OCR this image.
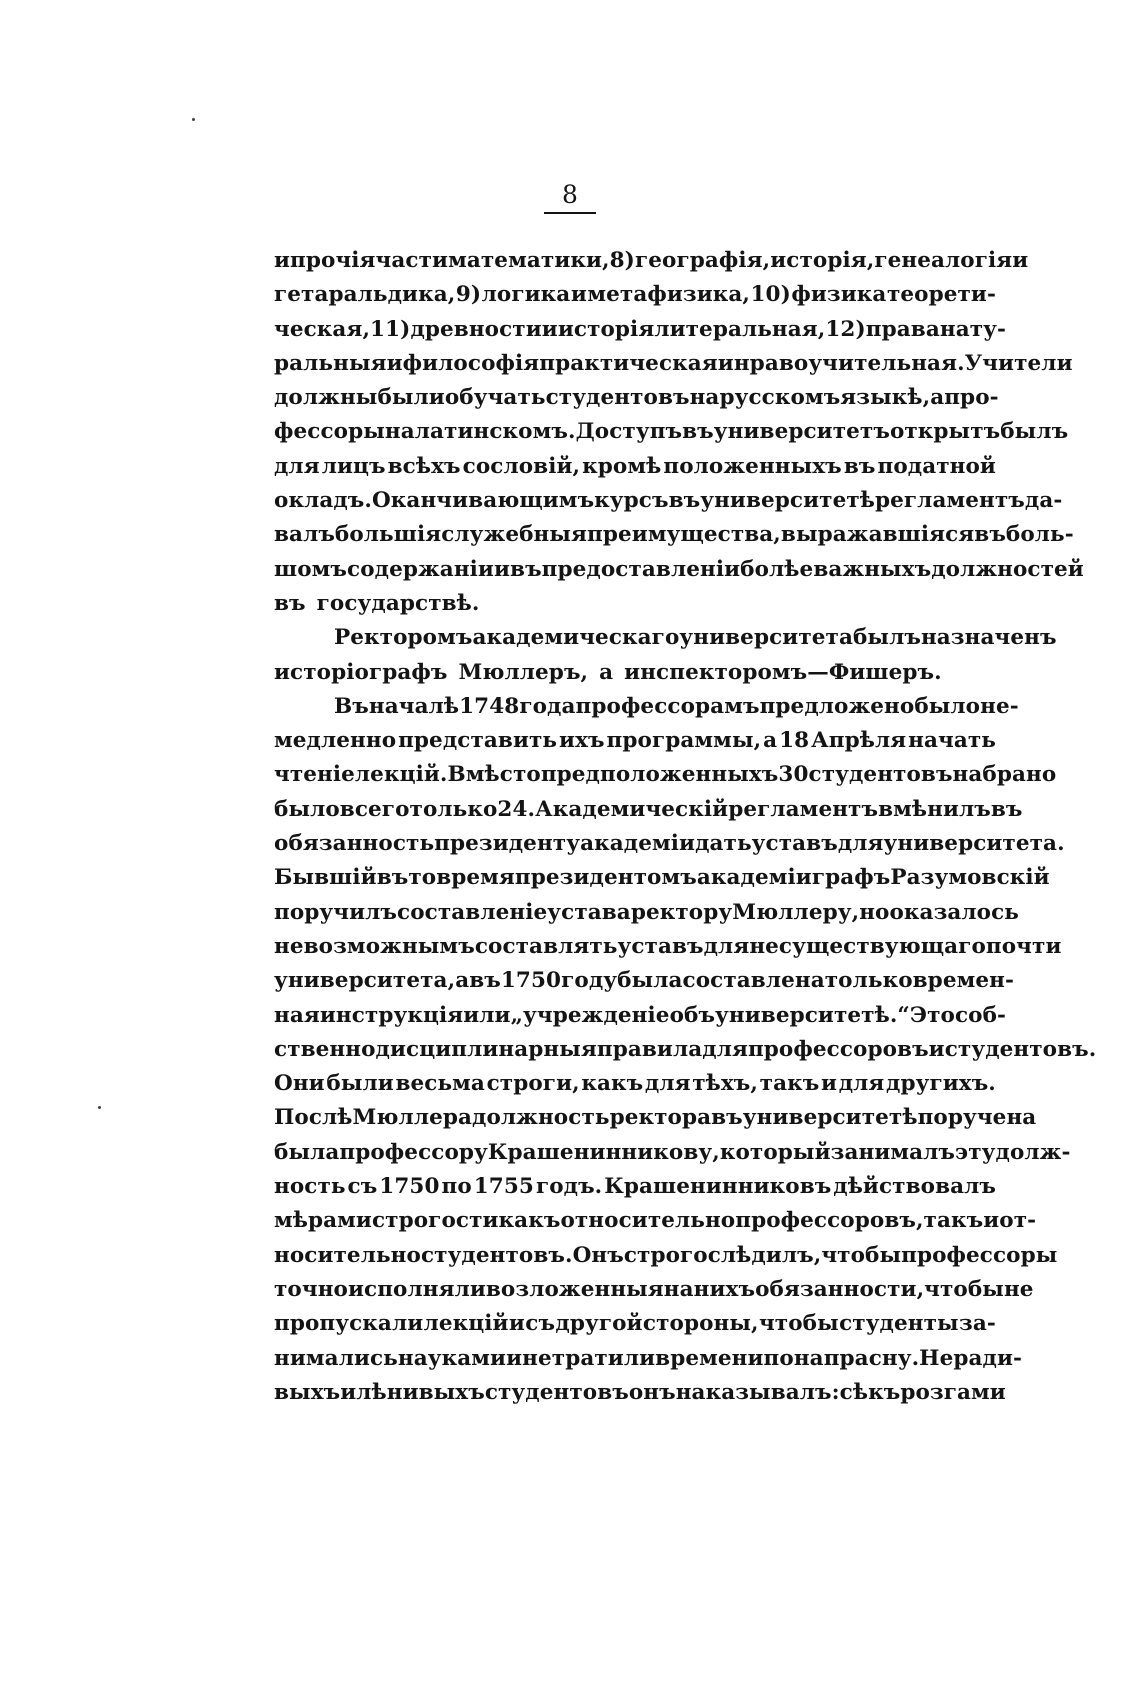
8
и прочія части математики, 8) географія, исторія, генеалогія и
гетаральдика, 9) логика и метафизика, 10) физика теорети-
ческая, 11) древности и исторія литеральная, 12) права нату-
ральныя и философія практическая и нравоучительная. Учители
должны были обучать студентовъ на русскомъ языкѣ, а про-
фессоры на латинскомъ. Доступъ въ университетъ открытъ былъ
для лицъ всѣхъ сословій, кромѣ положенныхъ въ податной
окладъ. Оканчивающимъ курсъ въ университетѣ регламентъ да-
валъ большія служебныя преимущества, выражавшіяся въ боль-
шомъ содержаніи и въ предоставленіи болѣе важныхъ должностей
въ государствѣ.
Ректоромъ академическаго университета былъ назначенъ
исторіографъ Мюллеръ, а инспекторомъ—Фишеръ.
Въ началѣ 1748 года профессорамъ предложено было не-
медленно представить ихъ программы, а 18 Апрѣля начать
чтеніе лекцій. Вмѣсто предположенныхъ 30 студентовъ набрано
было всего только 24. Академическій регламентъ вмѣнилъ въ
обязанность президенту академіи дать уставъ для университета.
Бывшій въ то время президентомъ академіи графъ Разумовскій
поручилъ составленіе устава ректору Мюллеру, но оказалось
невозможнымъ составлять уставъ для несуществующаго почти
университета, а въ 1750 году была составлена только времен-
ная инструкція или „учрежденіе объ университетѣ.“ Это соб-
ственно дисциплинарныя правила для профессоровъ и студентовъ.
Они были весьма строги, какъ для тѣхъ, такъ и для другихъ.
Послѣ Мюллера должность ректора въ университетѣ поручена
была профессору Крашенинникову, который занималъ эту долж-
ность съ 1750 по 1755 годъ. Крашенинниковъ дѣйствовалъ
мѣрами строгости какъ относительно профессоровъ, такъ и от-
носительно студентовъ. Онъ строго слѣдилъ, чтобы профессоры
точно исполняли возложенныя на нихъ обязанности, чтобы не
пропускали лекцій и съ другой стороны, чтобы студенты за-
нимались науками и не тратили времени понапрасну. Неради-
выхъ и лѣнивыхъ студентовъ онъ наказывалъ: сѣкъ розгами
